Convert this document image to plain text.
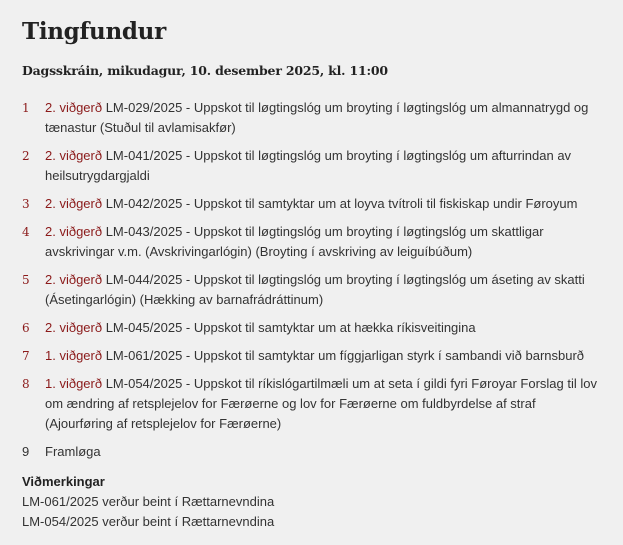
Tingfundur
Dagsskráin, mikudagur, 10. desember 2025, kl. 11:00
1	2. viðgerð LM-029/2025 - Uppskot til løgtingslóg um broyting í løgtingslóg um almannatrygd og tænastur (Stuðul til avlamisakfør)
2	2. viðgerð LM-041/2025 - Uppskot til løgtingslóg um broyting í løgtingslóg um afturrindan av heilsutrygdargjaldi
3	2. viðgerð LM-042/2025 - Uppskot til samtyktar um at loyva tvítroli til fiskiskap undir Føroyum
4	2. viðgerð LM-043/2025 - Uppskot til løgtingslóg um broyting í løgtingslóg um skattligar avskrivingar v.m. (Avskrivingarlógin) (Broyting í avskriving av leiguíbúðum)
5	2. viðgerð LM-044/2025 - Uppskot til løgtingslóg um broyting í løgtingslóg um áseting av skatti (Ásetingarlógin) (Hækking av barnafrádráttinum)
6	2. viðgerð LM-045/2025 - Uppskot til samtyktar um at hækka ríkisveitingina
7	1. viðgerð LM-061/2025 - Uppskot til samtyktar um fíggjarligan styrk í sambandi við barnsburð
8	1. viðgerð LM-054/2025 - Uppskot til ríkislógartilmæli um at seta í gildi fyri Føroyar Forslag til lov om ændring af retsplejelov for Færøerne og lov for Færøerne om fuldbyrdelse af straf (Ajourføring af retsplejelov for Færøerne)
9	Framløga
Viðmerkingar
LM-061/2025 verður beint í Rættarnevndina
LM-054/2025 verður beint í Rættarnevndina
